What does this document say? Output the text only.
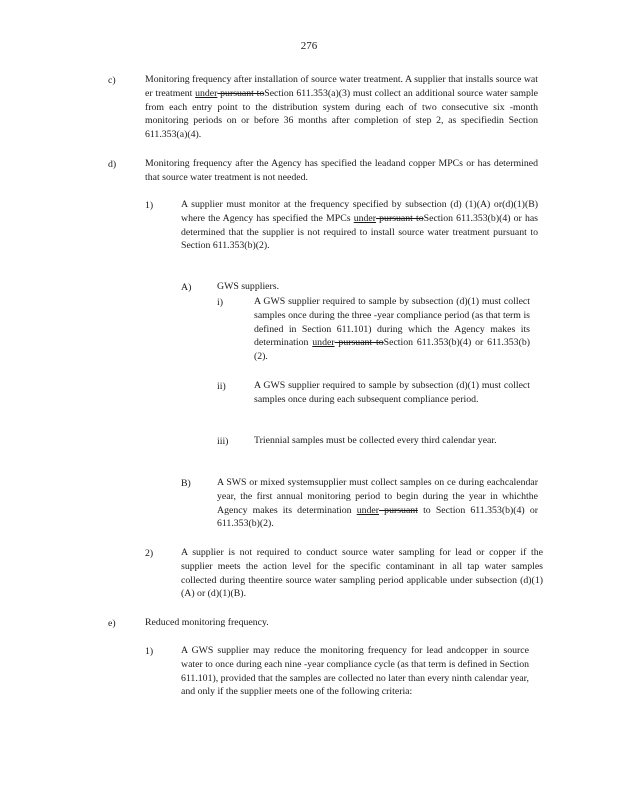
276
c)	Monitoring frequency after installation of source water treatment. A supplier that installs source wat er treatment under pursuant toSection 611.353(a)(3) must collect an additional source water sample from each entry point to the distribution system during each of two consecutive six -month monitoring periods on or before 36 months after completion of step 2, as specifiedin Section 611.353(a)(4).
d)	Monitoring frequency after the Agency has specified the leadand copper MPCs or has determined that source water treatment is not needed.
1)	A supplier must monitor at the frequency specified by subsection (d) (1)(A) or(d)(1)(B) where the Agency has specified the MPCs under pursuant toSection 611.353(b)(4) or has determined that the supplier is not required to install source water treatment pursuant to Section 611.353(b)(2).
A)	GWS suppliers.
i)	A GWS supplier required to sample by subsection (d)(1) must collect samples once during the three -year compliance period (as that term is defined in Section 611.101) during which the Agency makes its determination under pursuant toSection 611.353(b)(4) or 611.353(b)(2).
ii)	A GWS supplier required to sample by subsection (d)(1) must collect samples once during each subsequent compliance period.
iii)	Triennial samples must be collected every third calendar year.
B)	A SWS or mixed systemsupplier must collect samples on ce during eachcalendar year, the first annual monitoring period to begin during the year in whichthe Agency makes its determination under pursuant to Section 611.353(b)(4) or 611.353(b)(2).
2)	A supplier is not required to conduct source water sampling for lead or copper if the supplier meets the action level for the specific contaminant in all tap water samples collected during theentire source water sampling period applicable under subsection (d)(1)(A) or (d)(1)(B).
e)	Reduced monitoring frequency.
1)	A GWS supplier may reduce the monitoring frequency for lead andcopper in source water to once during each nine -year compliance cycle (as that term is defined in Section 611.101), provided that the samples are collected no later than every ninth calendar year, and only if the supplier meets one of the following criteria:
